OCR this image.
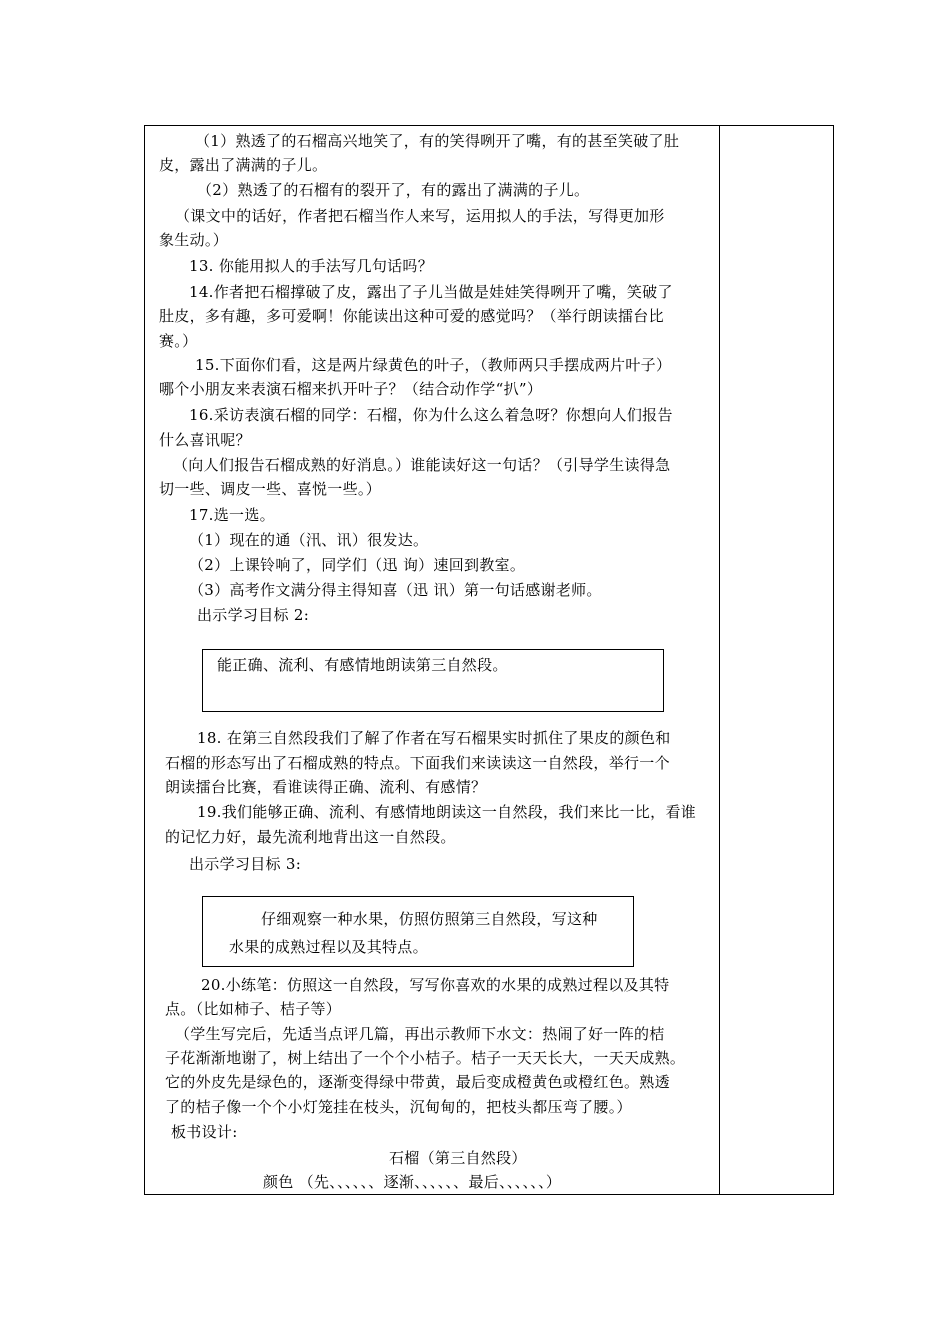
（1）熟透了的石榴高兴地笑了，有的笑得咧开了嘴，有的甚至笑破了肚
皮，露出了满满的子儿。
（2）熟透了的石榴有的裂开了，有的露出了满满的子儿。
（课文中的话好，作者把石榴当作人来写，运用拟人的手法，写得更加形
象生动。）
13. 你能用拟人的手法写几句话吗？
14.作者把石榴撑破了皮，露出了子儿当做是娃娃笑得咧开了嘴，笑破了
肚皮，多有趣，多可爱啊！你能读出这种可爱的感觉吗？（举行朗读擂台比
赛。）
15.下面你们看，这是两片绿黄色的叶子，（教师两只手摆成两片叶子）
哪个小朋友来表演石榴来扒开叶子？（结合动作学“扒”）
16.采访表演石榴的同学：石榴，你为什么这么着急呀？你想向人们报告
什么喜讯呢？
（向人们报告石榴成熟的好消息。）谁能读好这一句话？（引导学生读得急
切一些、调皮一些、喜悦一些。）
17.选一选。
（1）现在的通（汛、讯）很发达。
（2）上课铃响了，同学们（迅 询）速回到教室。
（3）高考作文满分得主得知喜（迅 讯）第一句话感谢老师。
出示学习目标 2:
能正确、流利、有感情地朗读第三自然段。
18. 在第三自然段我们了解了作者在写石榴果实时抓住了果皮的颜色和
石榴的形态写出了石榴成熟的特点。下面我们来读读这一自然段，举行一个
朗读擂台比赛，看谁读得正确、流利、有感情？
19.我们能够正确、流利、有感情地朗读这一自然段，我们来比一比，看谁
的记忆力好，最先流利地背出这一自然段。
出示学习目标 3:
仔细观察一种水果，仿照仿照第三自然段，写这种
水果的成熟过程以及其特点。
20.小练笔：仿照这一自然段，写写你喜欢的水果的成熟过程以及其特
点。（比如柿子、桔子等）
（学生写完后，先适当点评几篇，再出示教师下水文：热闹了好一阵的桔
子花渐渐地谢了，树上结出了一个个小桔子。桔子一天天长大，一天天成熟。
它的外皮先是绿色的，逐渐变得绿中带黄，最后变成橙黄色或橙红色。熟透
了的桔子像一个个小灯笼挂在枝头，沉甸甸的，把枝头都压弯了腰。）
板书设计:
石榴（第三自然段）
颜色 （先、、、、、、逐渐、、、、、、最后、、、、、、）
